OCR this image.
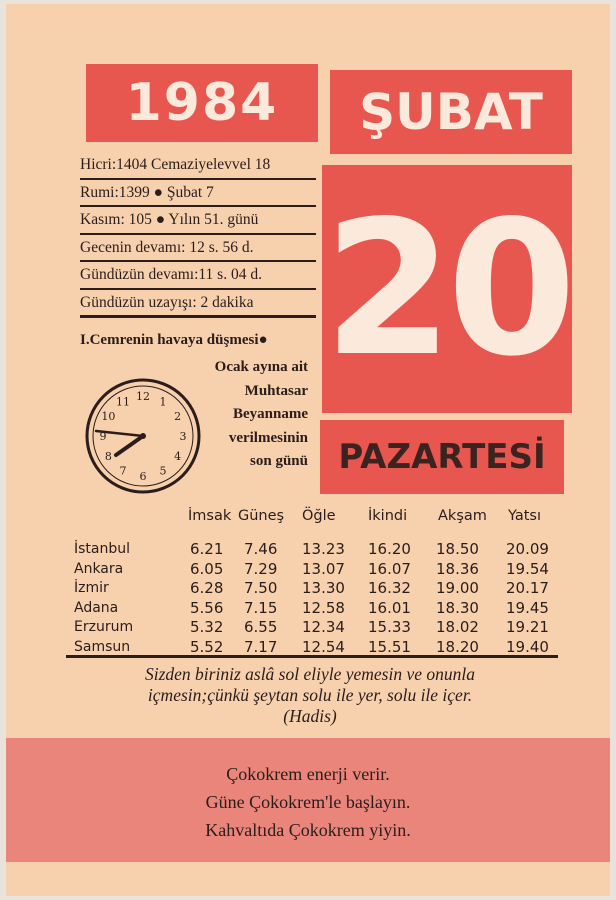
1984	ŞUBAT
20
PAZARTESİ
Hicri:1404 Cemaziyelevvel 18
Rumi:1399 ● Şubat 7
Kasım: 105 ● Yılın 51. günü
Gecenin devamı: 12 s. 56 d.
Gündüzün devamı:11 s. 04 d.
Gündüzün uzayışı: 2 dakika
I.Cemrenin havaya düşmesi●
Ocak ayına ait
Muhtasar
Beyanname
verilmesinin
son günü
12 1
2
3
4
5
6
7
8
9
10
11
İmsak Güneş Öğle İkindi Akşam Yatsı
İstanbul	6.21 7.46 13.23 16.20 18.50 20.09
Ankara	6.05 7.29 13.07 16.07 18.36 19.54
İzmir	6.28 7.50 13.30 16.32 19.00 20.17
Adana	5.56 7.15 12.58 16.01 18.30 19.45
Erzurum	5.32 6.55 12.34 15.33 18.02 19.21
Samsun	5.52 7.17 12.54 15.51 18.20 19.40
Sizden biriniz aslâ sol eliyle yemesin ve onunla
içmesin;çünkü şeytan solu ile yer, solu ile içer.
(Hadis)
Çokokrem enerji verir.
Güne Çokokrem'le başlayın.
Kahvaltıda Çokokrem yiyin.
